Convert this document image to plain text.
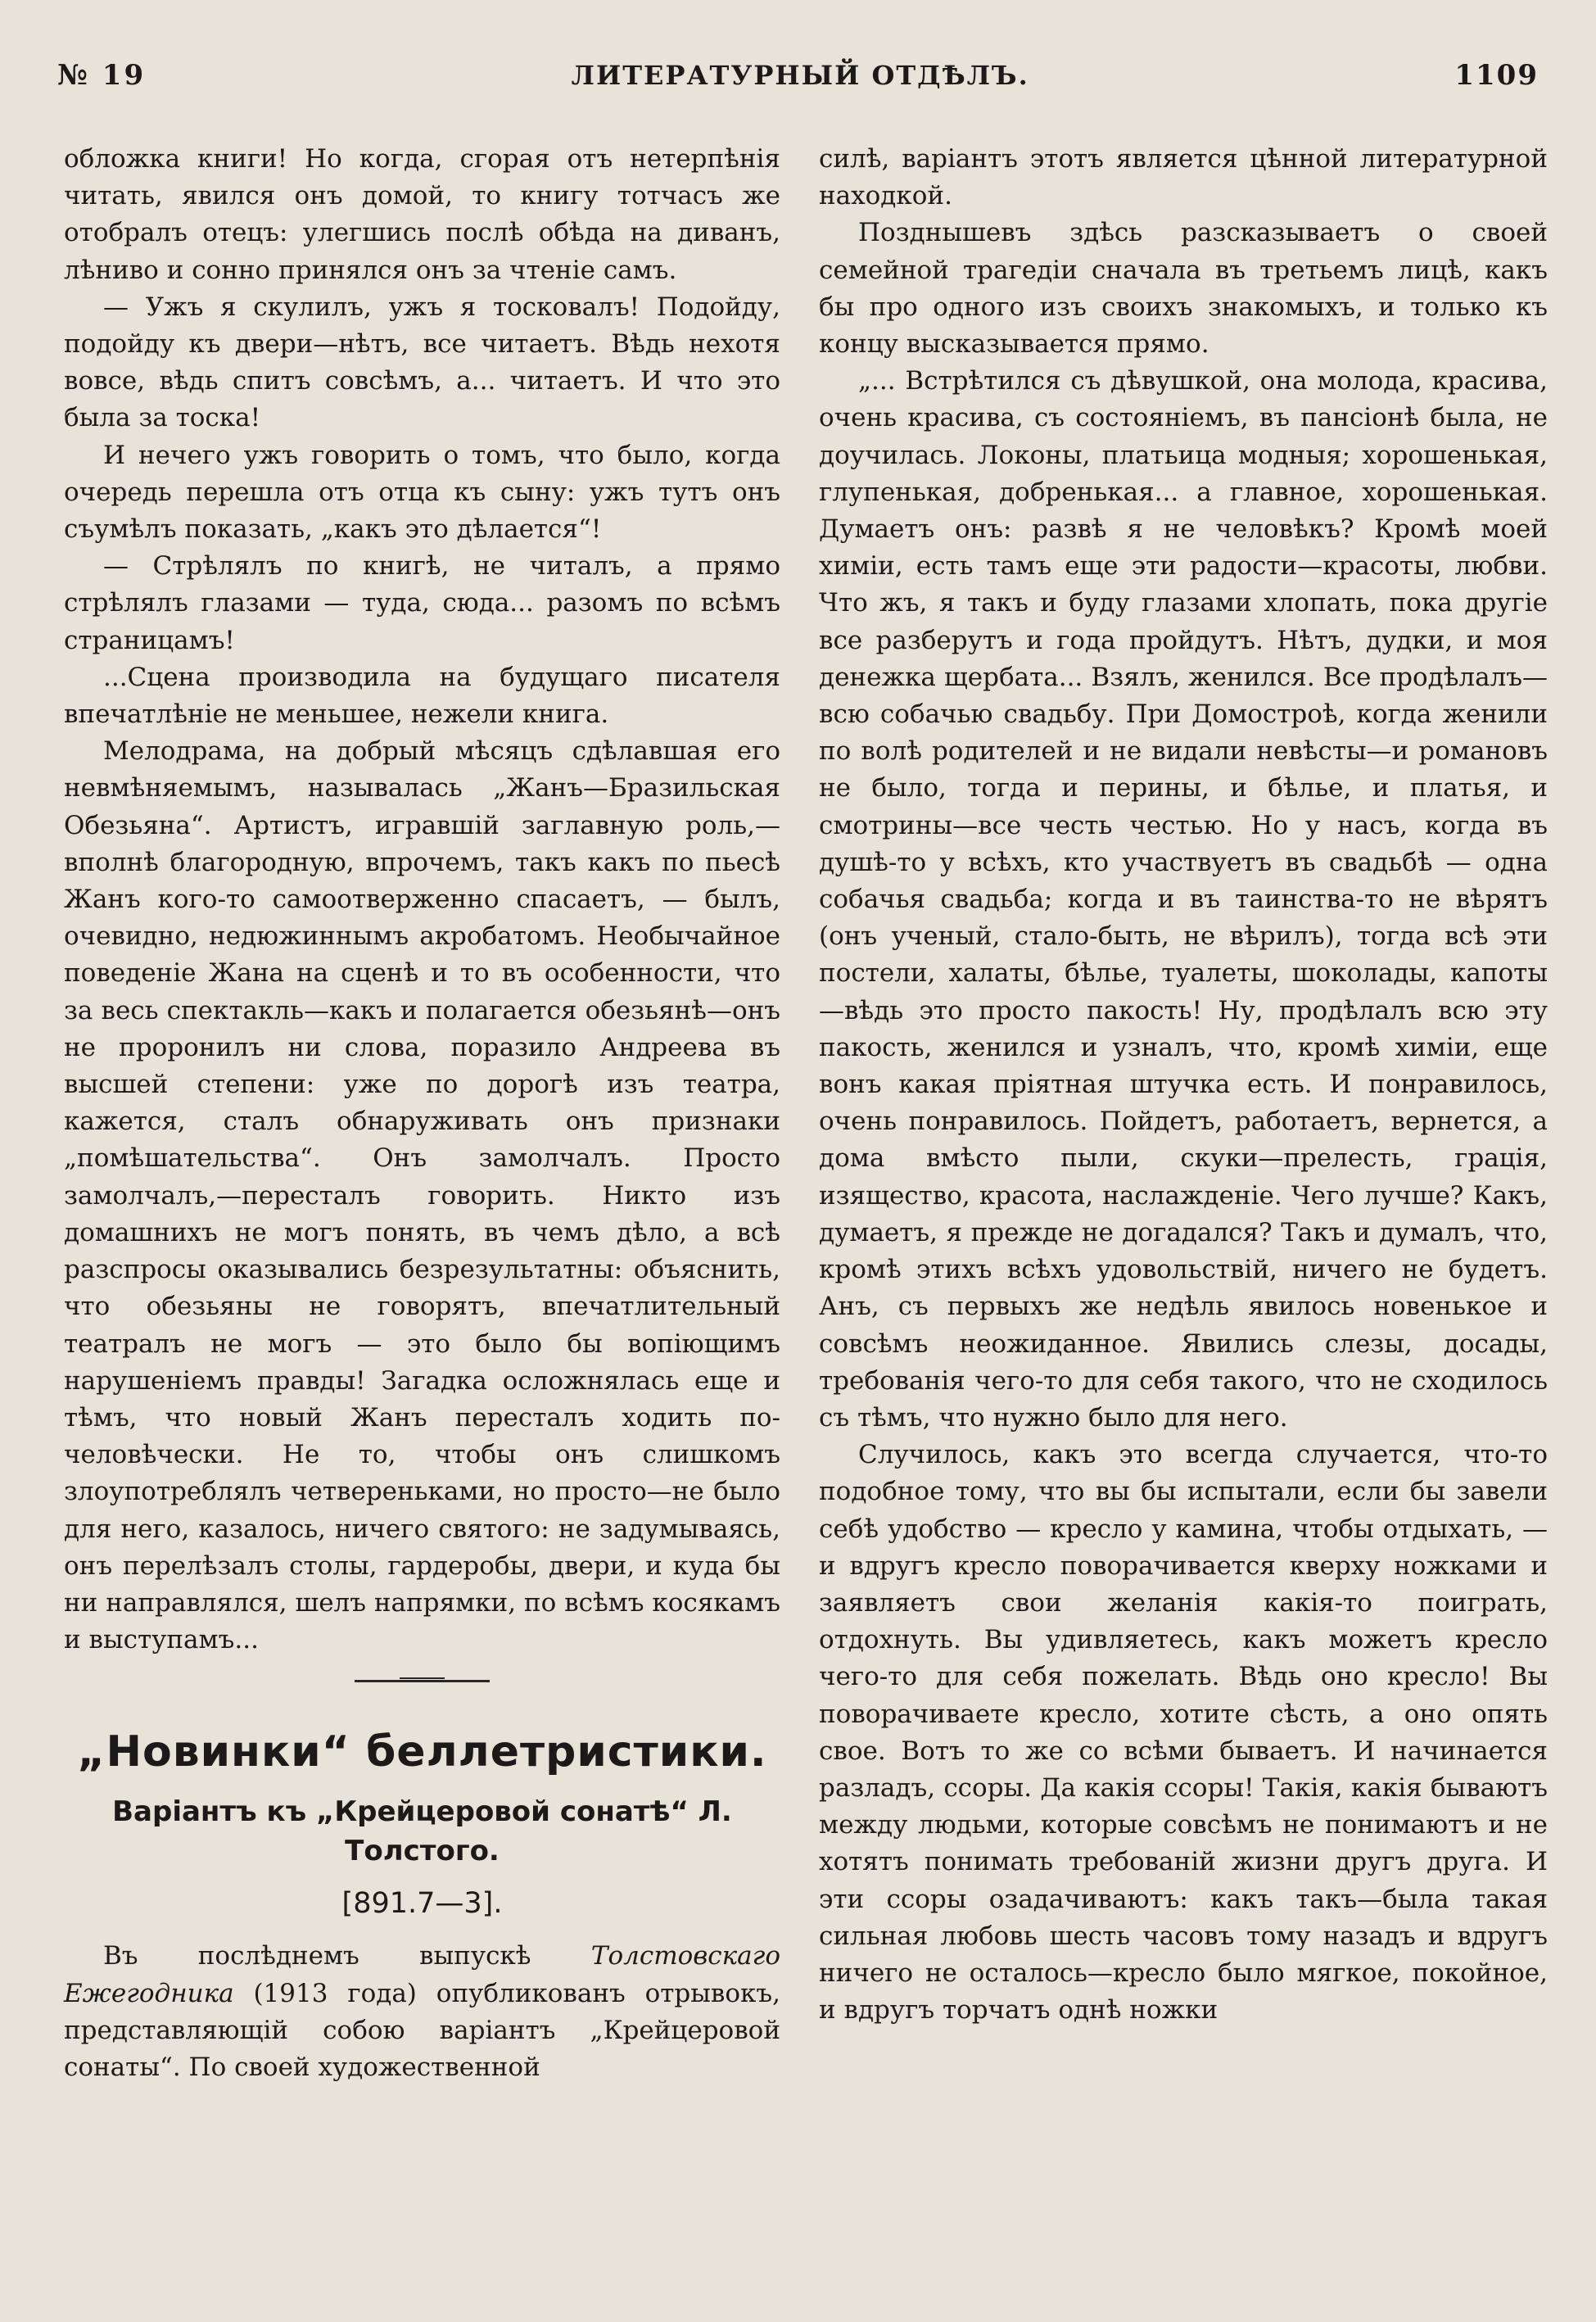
№ 19	ЛИТЕРАТУРНЫЙ ОТДѢЛЪ.	1109

обложка книги! Но когда, сгорая отъ нетерпѣнія читать, явился онъ домой, то книгу тотчасъ же отобралъ отецъ: улегшись послѣ обѣда на диванъ, лѣниво и сонно принялся онъ за чтеніе самъ.

— Ужъ я скулилъ, ужъ я тосковалъ! Подойду, подойду къ двери—нѣтъ, все читаетъ. Вѣдь нехотя вовсе, вѣдь спитъ совсѣмъ, а... читаетъ. И что это была за тоска!

И нечего ужъ говорить о томъ, что было, когда очередь перешла отъ отца къ сыну: ужъ тутъ онъ съумѣлъ показать, „какъ это дѣлается“!

— Стрѣлялъ по книгѣ, не читалъ, а прямо стрѣлялъ глазами — туда, сюда... разомъ по всѣмъ страницамъ!

...Сцена производила на будущаго писателя впечатлѣніе не меньшее, нежели книга.

Мелодрама, на добрый мѣсяцъ сдѣлавшая его невмѣняемымъ, называлась „Жанъ—Бразильская Обезьяна“. Артистъ, игравшій заглавную роль,—вполнѣ благородную, впрочемъ, такъ какъ по пьесѣ Жанъ кого-то самоотверженно спасаетъ, — былъ, очевидно, недюжиннымъ акробатомъ. Необычайное поведеніе Жана на сценѣ и то въ особенности, что за весь спектакль—какъ и полагается обезьянѣ—онъ не проронилъ ни слова, поразило Андреева въ высшей степени: уже по дорогѣ изъ театра, кажется, сталъ обнаруживать онъ признаки „помѣшательства“. Онъ замолчалъ. Просто замолчалъ,—пересталъ говорить. Никто изъ домашнихъ не могъ понять, въ чемъ дѣло, а всѣ разспросы оказывались безрезультатны: объяснить, что обезьяны не говорятъ, впечатлительный театралъ не могъ — это было бы вопіющимъ нарушеніемъ правды! Загадка осложнялась еще и тѣмъ, что новый Жанъ пересталъ ходить по-человѣчески. Не то, чтобы онъ слишкомъ злоупотреблялъ четвереньками, но просто—не было для него, казалось, ничего святого: не задумываясь, онъ перелѣзалъ столы, гардеробы, двери, и куда бы ни направлялся, шелъ напрямки, по всѣмъ косякамъ и выступамъ...

„Новинки“ беллетристики.
Варіантъ къ „Крейцеровой сонатѣ“ Л. Толстого.
[891.7—3].

Въ послѣднемъ выпускѣ Толстовскаго Ежегодника (1913 года) опубликованъ отрывокъ, представляющій собою варіантъ „Крейцеровой сонаты“. По своей художественной

силѣ, варіантъ этотъ является цѣнной литературной находкой.

Позднышевъ здѣсь разсказываетъ о своей семейной трагедіи сначала въ третьемъ лицѣ, какъ бы про одного изъ своихъ знакомыхъ, и только къ концу высказывается прямо.

„... Встрѣтился съ дѣвушкой, она молода, красива, очень красива, съ состояніемъ, въ пансіонѣ была, не доучилась. Локоны, платьица модныя; хорошенькая, глупенькая, добренькая... а главное, хорошенькая. Думаетъ онъ: развѣ я не человѣкъ? Кромѣ моей химіи, есть тамъ еще эти радости—красоты, любви. Что жъ, я такъ и буду глазами хлопать, пока другіе все разберутъ и года пройдутъ. Нѣтъ, дудки, и моя денежка щербата... Взялъ, женился. Все продѣлалъ—всю собачью свадьбу. При Домостроѣ, когда женили по волѣ родителей и не видали невѣсты—и романовъ не было, тогда и перины, и бѣлье, и платья, и смотрины—все честь честью. Но у насъ, когда въ душѣ-то у всѣхъ, кто участвуетъ въ свадьбѣ — одна собачья свадьба; когда и въ таинства-то не вѣрятъ (онъ ученый, стало-быть, не вѣрилъ), тогда всѣ эти постели, халаты, бѣлье, туалеты, шоколады, капоты—вѣдь это просто пакость! Ну, продѣлалъ всю эту пакость, женился и узналъ, что, кромѣ химіи, еще вонъ какая пріятная штучка есть. И понравилось, очень понравилось. Пойдетъ, работаетъ, вернется, а дома вмѣсто пыли, скуки—прелесть, грація, изящество, красота, наслажденіе. Чего лучше? Какъ, думаетъ, я прежде не догадался? Такъ и думалъ, что, кромѣ этихъ всѣхъ удовольствій, ничего не будетъ. Анъ, съ первыхъ же недѣль явилось новенькое и совсѣмъ неожиданное. Явились слезы, досады, требованія чего-то для себя такого, что не сходилось съ тѣмъ, что нужно было для него.

Случилось, какъ это всегда случается, что-то подобное тому, что вы бы испытали, если бы завели себѣ удобство — кресло у камина, чтобы отдыхать, — и вдругъ кресло поворачивается кверху ножками и заявляетъ свои желанія какія-то поиграть, отдохнуть. Вы удивляетесь, какъ можетъ кресло чего-то для себя пожелать. Вѣдь оно кресло! Вы поворачиваете кресло, хотите сѣсть, а оно опять свое. Вотъ то же со всѣми бываетъ. И начинается разладъ, ссоры. Да какія ссоры! Такія, какія бываютъ между людьми, которые совсѣмъ не понимаютъ и не хотятъ понимать требованій жизни другъ друга. И эти ссоры озадачиваютъ: какъ такъ—была такая сильная любовь шесть часовъ тому назадъ и вдругъ ничего не осталось—кресло было мягкое, покойное, и вдругъ торчатъ однѣ ножки
